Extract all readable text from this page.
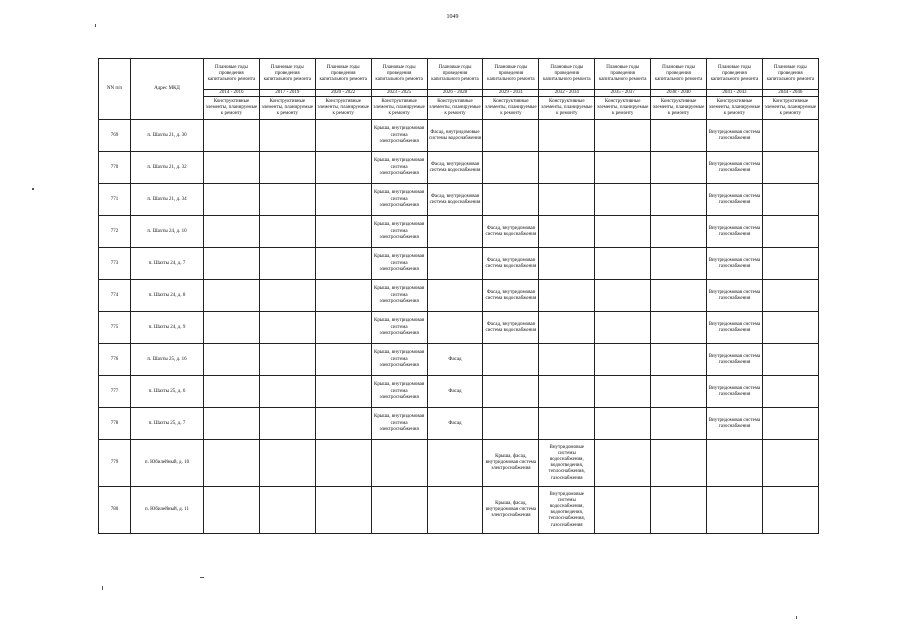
1049
NN п/п	Адрес МКД	Плановые годы проведения капитального ремонта	Плановые годы проведения капитального ремонта	Плановые годы проведения капитального ремонта	Плановые годы проведения капитального ремонта	Плановые годы проведения капитального ремонта	Плановые годы проведения капитального ремонта	Плановые годы проведения капитального ремонта	Плановые годы проведения капитального ремонта	Плановые годы проведения капитального ремонта	Плановые годы проведения капитального ремонта	Плановые годы проведения капитального ремонта
		2014 - 2016	2017 - 2019	2020 - 2022	2023 - 2025	2026 - 2028	2029 - 2031	2032 - 2034	2035 - 2037	2038 - 2040	2041 - 2043	2044 - 2046
		Конструктивные элементы, планируемые к ремонту	Конструктивные элементы, планируемые к ремонту	Конструктивные элементы, планируемые к ремонту	Конструктивные элементы, планируемые к ремонту	Конструктивные элементы, планируемые к ремонту	Конструктивные элементы, планируемые к ремонту	Конструктивные элементы, планируемые к ремонту	Конструктивные элементы, планируемые к ремонту	Конструктивные элементы, планируемые к ремонту	Конструктивные элементы, планируемые к ремонту	Конструктивные элементы, планируемые к ремонту
769	п. Шахты 21, д. 30				Крыша, внутридомовая система электроснабжения	Фасад, внутридомовые системы водоснабжения					Внутридомовая система газоснабжения	
770	п. Шахты 21, д. 32				Крыша, внутридомовая система электроснабжения	Фасад, внутридомовая система водоснабжения					Внутридомовая система газоснабжения	
771	п. Шахты 21, д. 34				Крыша, внутридомовая система электроснабжения	Фасад, внутридомовая система водоснабжения					Внутридомовая система газоснабжения	
772	п. Шахты 24, д. 10				Крыша, внутридомовая система электроснабжения		Фасад, внутридомовая система водоснабжения				Внутридомовая система газоснабжения	
773	п. Шахты 24, д. 7				Крыша, внутридомовая система электроснабжения		Фасад, внутридомовая система водоснабжения				Внутридомовая система газоснабжения	
774	п. Шахты 24, д. 8				Крыша, внутридомовая система электроснабжения		Фасад, внутридомовая система водоснабжения				Внутридомовая система газоснабжения	
775	п. Шахты 24, д. 9				Крыша, внутридомовая система электроснабжения		Фасад, внутридомовая система водоснабжения				Внутридомовая система газоснабжения	
776	п. Шахты 25, д. 16				Крыша, внутридомовая система электроснабжения	Фасад					Внутридомовая система газоснабжения	
777	п. Шахты 25, д. 6				Крыша, внутридомовая система электроснабжения	Фасад					Внутридомовая система газоснабжения	
778	п. Шахты 25, д. 7				Крыша, внутридомовая система электроснабжения	Фасад					Внутридомовая система газоснабжения	
779	п. Юбилейный, д. 10						Крыша, фасад, внутридомовая система электроснабжения	Внутридомовые системы водоснабжения, водоотведения, теплоснабжения, газоснабжения				
780	п. Юбилейный, д. 11						Крыша, фасад, внутридомовая система электроснабжения	Внутридомовые системы водоснабжения, водоотведения, теплоснабжения, газоснабжения				
